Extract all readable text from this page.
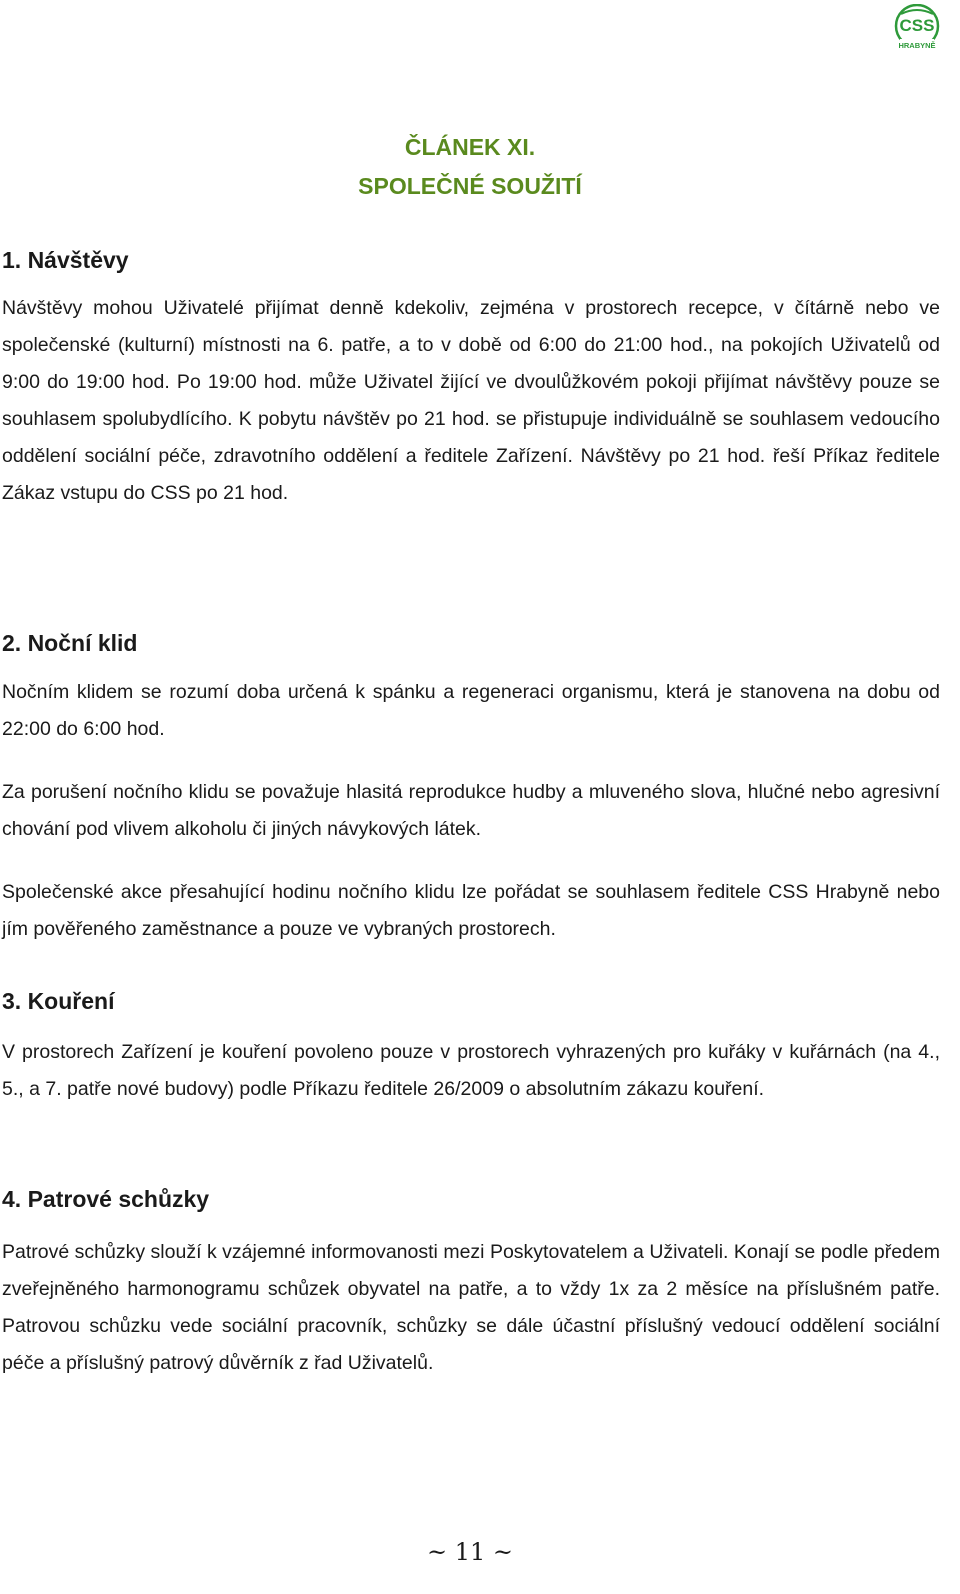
CSS
HRABYNĚ
ČLÁNEK XI.
SPOLEČNÉ SOUŽITÍ
1. Návštěvy

Návštěvy mohou Uživatelé přijímat denně kdekoliv, zejména v prostorech recepce, v čítárně nebo ve společenské (kulturní) místnosti na 6. patře, a to v době od 6:00 do 21:00 hod., na pokojích Uživatelů od 9:00 do 19:00 hod. Po 19:00 hod. může Uživatel žijící ve dvoulůžkovém pokoji přijímat návštěvy pouze se souhlasem spolubydlícího. K pobytu návštěv po 21 hod. se přistupuje individuálně se souhlasem vedoucího oddělení sociální péče, zdravotního oddělení a ředitele Zařízení. Návštěvy po 21 hod. řeší Příkaz ředitele Zákaz vstupu do CSS po 21 hod.

2. Noční klid

Nočním klidem se rozumí doba určená k spánku a regeneraci organismu, která je stanovena na dobu od 22:00 do 6:00 hod.

Za porušení nočního klidu se považuje hlasitá reprodukce hudby a mluveného slova, hlučné nebo agresivní chování pod vlivem alkoholu či jiných návykových látek.

Společenské akce přesahující hodinu nočního klidu lze pořádat se souhlasem ředitele CSS Hrabyně nebo jím pověřeného zaměstnance a pouze ve vybraných prostorech.

3. Kouření

V prostorech Zařízení je kouření povoleno pouze v prostorech vyhrazených pro kuřáky v kuřárnách (na 4., 5., a 7. patře nové budovy) podle Příkazu ředitele 26/2009 o absolutním zákazu kouření.

4. Patrové schůzky

Patrové schůzky slouží k vzájemné informovanosti mezi Poskytovatelem a Uživateli. Konají se podle předem zveřejněného harmonogramu schůzek obyvatel na patře, a to vždy 1x za 2 měsíce na příslušném patře. Patrovou schůzku vede sociální pracovník, schůzky se dále účastní příslušný vedoucí oddělení sociální péče a příslušný patrový důvěrník z řad Uživatelů.

~ 11 ~
